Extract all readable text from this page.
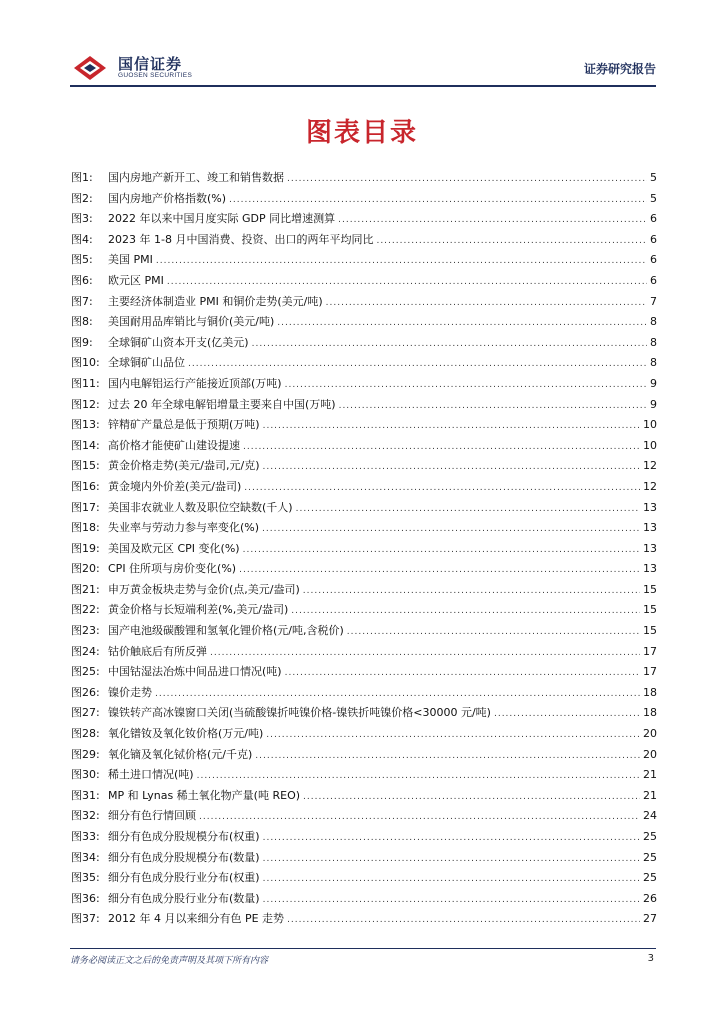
国信证券
GUOSEN SECURITIES	证券研究报告
图表目录
图1:	国内房地产新开工、竣工和销售数据 .....	5
图2:	国内房地产价格指数(%) .....	5
图3:	2022 年以来中国月度实际 GDP 同比增速测算 .....	6
图4:	2023 年 1-8 月中国消费、投资、出口的两年平均同比 .....	6
图5:	美国 PMI .....	6
图6:	欧元区 PMI .....	6
图7:	主要经济体制造业 PMI 和铜价走势(美元/吨) .....	7
图8:	美国耐用品库销比与铜价(美元/吨) .....	8
图9:	全球铜矿山资本开支(亿美元) .....	8
图10: 全球铜矿山品位 .....	8
图11: 国内电解铝运行产能接近顶部(万吨) .....	9
图12: 过去 20 年全球电解铝增量主要来自中国(万吨) .....	9
图13: 锌精矿产量总是低于预期(万吨) .....	10
图14: 高价格才能使矿山建设提速 .....	10
图15: 黄金价格走势(美元/盎司,元/克) .....	12
图16: 黄金境内外价差(美元/盎司) .....	12
图17: 美国非农就业人数及职位空缺数(千人) .....	13
图18: 失业率与劳动力参与率变化(%) .....	13
图19: 美国及欧元区 CPI 变化(%) .....	13
图20: CPI 住所项与房价变化(%) .....	13
图21: 申万黄金板块走势与金价(点,美元/盎司) .....	15
图22: 黄金价格与长短端利差(%,美元/盎司) .....	15
图23: 国产电池级碳酸锂和氢氧化锂价格(元/吨,含税价) .....	15
图24: 钴价触底后有所反弹 .....	17
图25: 中国钴湿法冶炼中间品进口情况(吨) .....	17
图26: 镍价走势 .....	18
图27: 镍铁转产高冰镍窗口关闭(当硫酸镍折吨镍价格-镍铁折吨镍价格<30000 元/吨) .....	18
图28: 氧化镨钕及氧化钕价格(万元/吨) .....	20
图29: 氧化镝及氧化铽价格(元/千克) .....	20
图30: 稀土进口情况(吨) .....	21
图31: MP 和 Lynas 稀土氧化物产量(吨 REO) .....	21
图32: 细分有色行情回顾 .....	24
图33: 细分有色成分股规模分布(权重) .....	25
图34: 细分有色成分股规模分布(数量) .....	25
图35: 细分有色成分股行业分布(权重) .....	25
图36: 细分有色成分股行业分布(数量) .....	26
图37: 2012 年 4 月以来细分有色 PE 走势 .....	27
请务必阅读正文之后的免责声明及其项下所有内容	3
